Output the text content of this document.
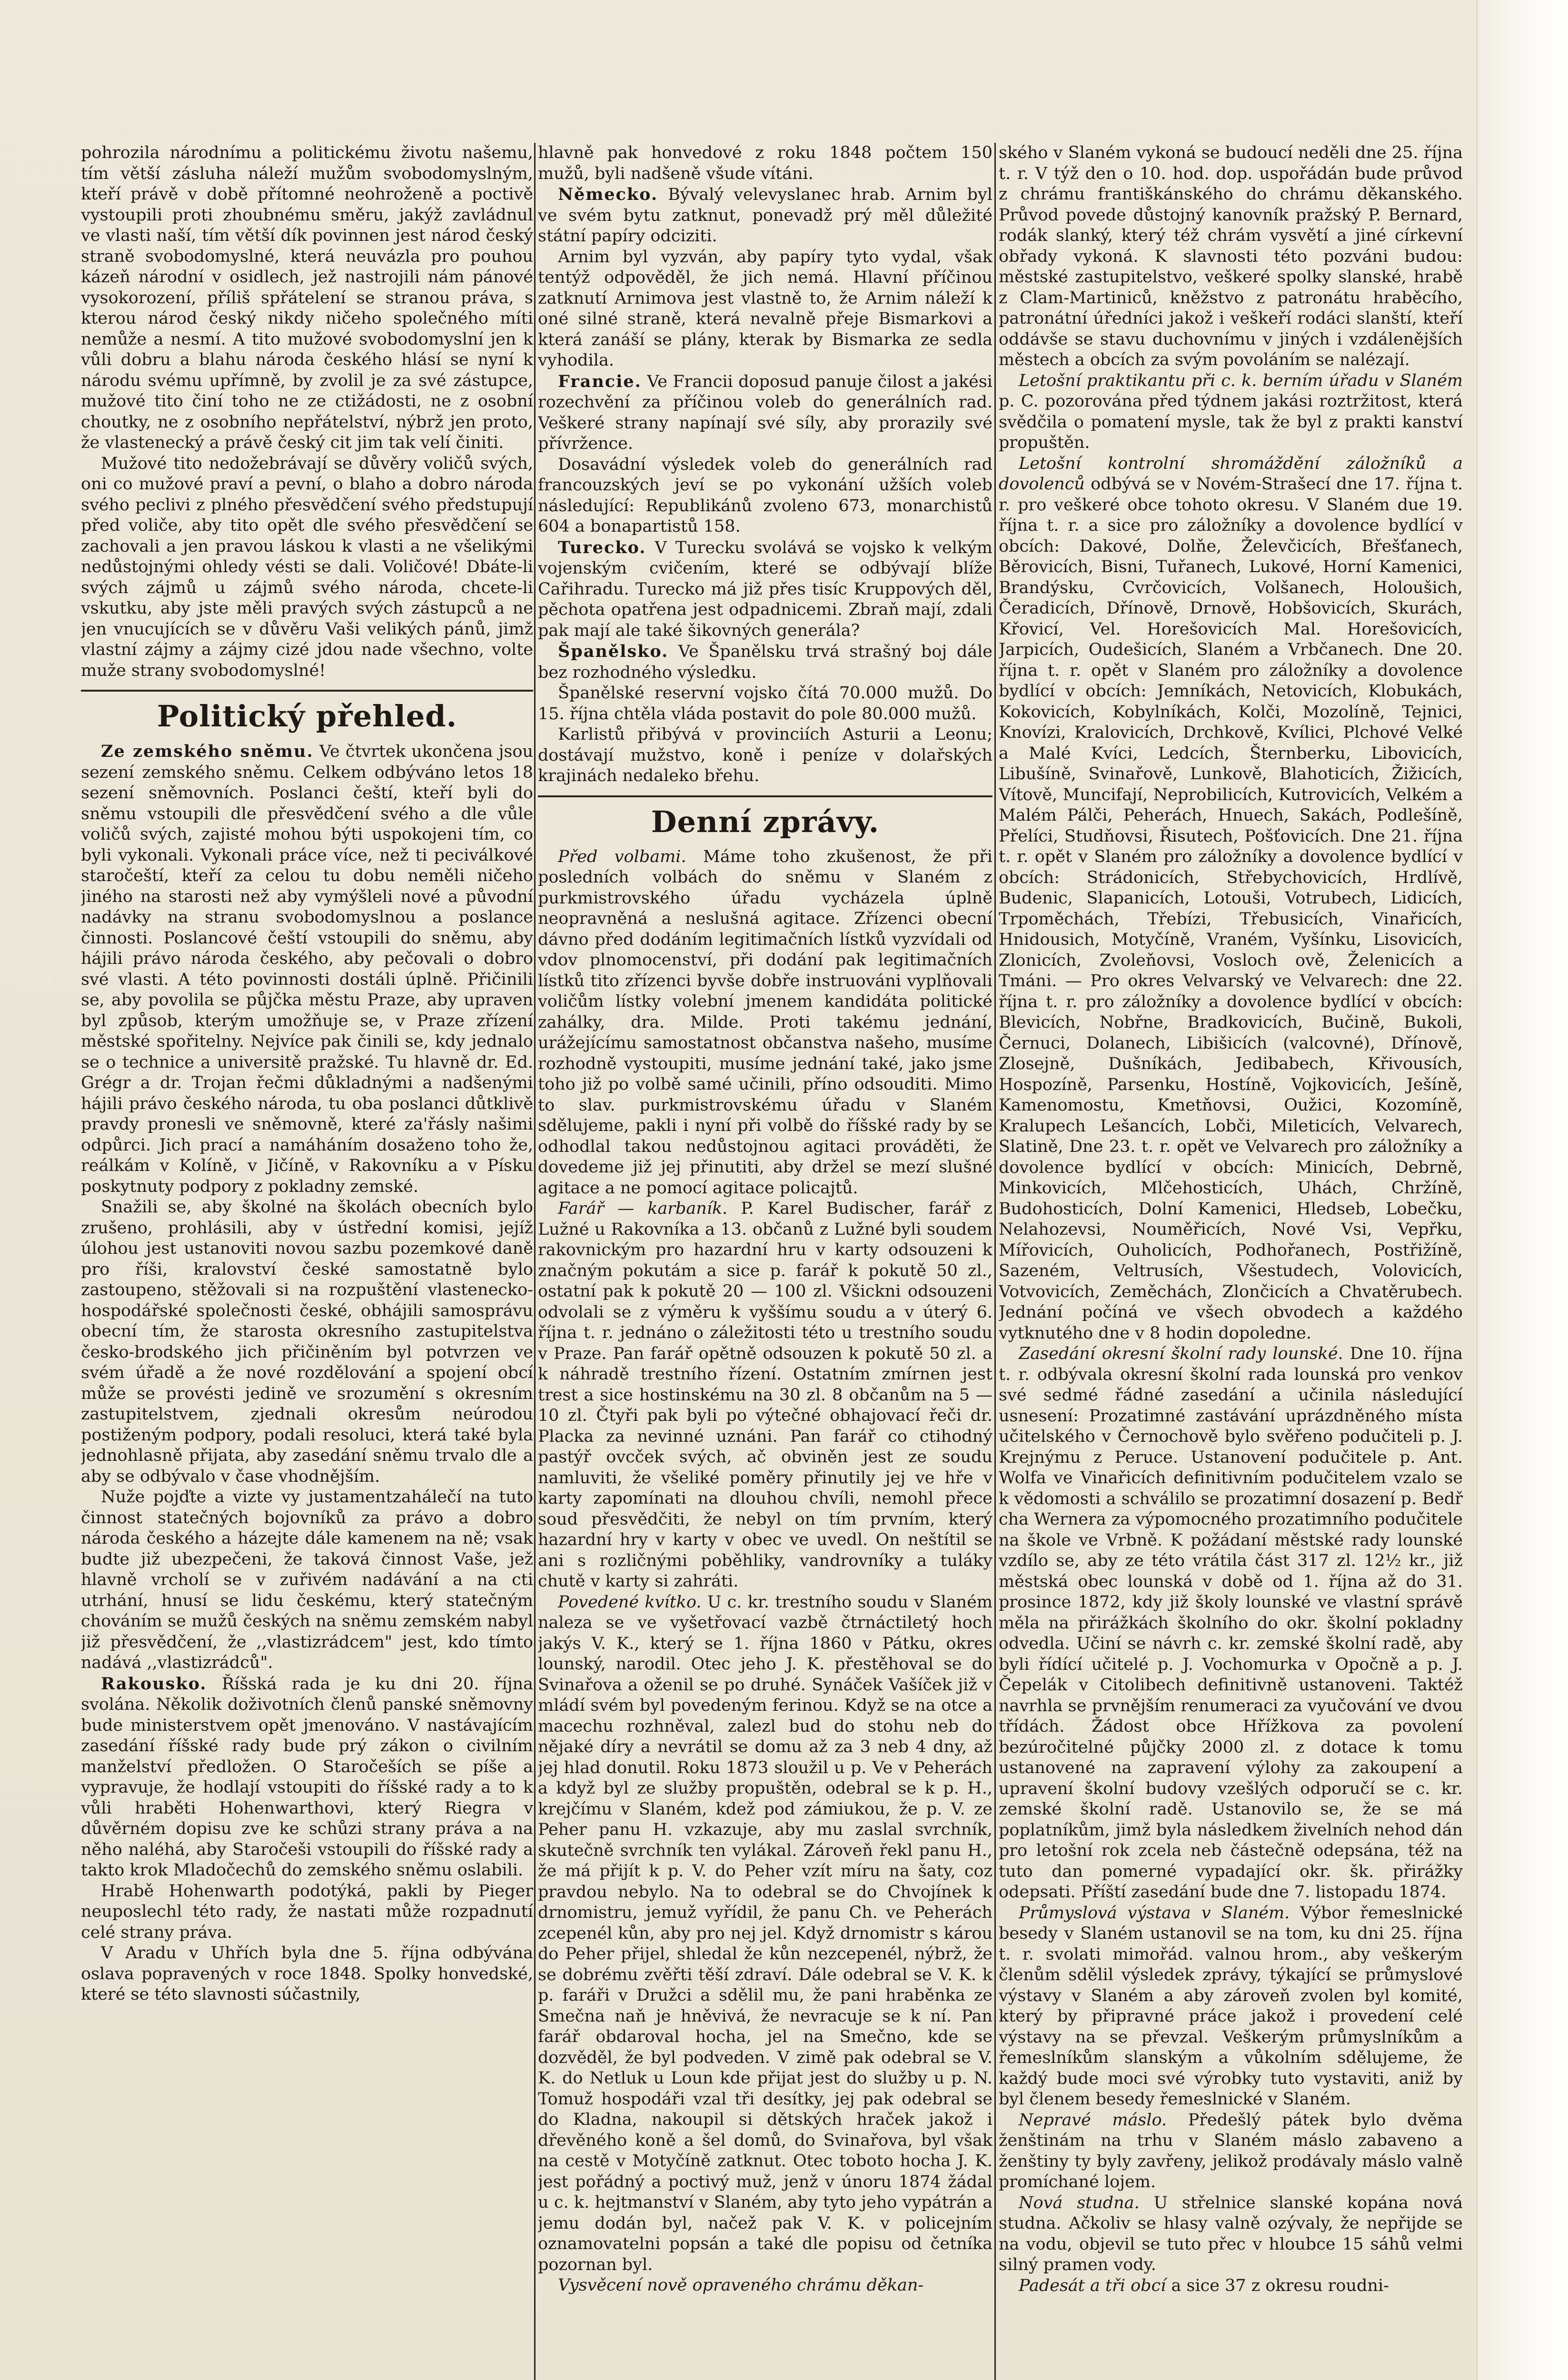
pohrozila národnímu a politickému životu našemu, tím větší zásluha náleží mužům svobodomyslným, kteří právě v době přítomné neohroženě a poctivě vystoupili proti zhoubnému směru, jakýž zavládnul ve vlasti naší, tím větší dík povinnen jest národ český straně svobodomyslné, která neuvázla pro pouhou kázeň národní v osidlech, jež nastrojili nám pánové vysokorození, příliš spřátelení se stranou práva, s kterou národ český nikdy ničeho společného míti nemůže a nesmí. A tito mužové svobodomyslní jen k vůli dobru a blahu národa českého hlásí se nyní k národu svému upřímně, by zvolil je za své zástupce, mužové tito činí toho ne ze ctižádosti, ne z osobní choutky, ne z osobního nepřátelství, nýbrž jen proto, že vlastenecký a právě český cit jim tak velí činiti.

Mužové tito nedožebrávají se důvěry voličů svých, oni co mužové praví a pevní, o blaho a dobro národa svého peclivi z plného přesvědčení svého předstupují před voliče, aby tito opět dle svého přesvědčení se zachovali a jen pravou láskou k vlasti a ne všelikými nedůstojnými ohledy vésti se dali. Voličové! Dbáte-li svých zájmů u zájmů svého národa, chcete-li vskutku, aby jste měli pravých svých zástupců a ne jen vnucujících se v důvěru Vaši velikých pánů, jimž vlastní zájmy a zájmy cizé jdou nade všechno, volte muže strany svobodomyslné!

Politický přehled.

Ze zemského sněmu. Ve čtvrtek ukončena jsou sezení zemského sněmu. Celkem odbýváno letos 18 sezení sněmovních. Poslanci čeští, kteří byli do sněmu vstoupili dle přesvědčení svého a dle vůle voličů svých, zajisté mohou býti uspokojeni tím, co byli vykonali. Vykonali práce více, než ti peciválkové staročeští, kteří za celou tu dobu neměli ničeho jiného na starosti než aby vymýšleli nové a původní nadávky na stranu svobodomyslnou a poslance činnosti. Poslancové čeští vstoupili do sněmu, aby hájili právo národa českého, aby pečovali o dobro své vlasti. A této povinnosti dostáli úplně. Přičinili se, aby povolila se půjčka městu Praze, aby upraven byl způsob, kterým umožňuje se, v Praze zřízení městské spořitelny. Nejvíce pak činili se, kdy jednalo se o technice a universitě pražské. Tu hlavně dr. Ed. Grégr a dr. Trojan řečmi důkladnými a nadšenými hájili právo českého národa, tu oba poslanci důtklivě pravdy pronesli ve sněmovně, které za'řásly našimi odpůrci. Jich prací a namáháním dosaženo toho že, reálkám v Kolíně, v Jičíně, v Rakovníku a v Písku poskytnuty podpory z pokladny zemské.

Snažili se, aby školné na školách obecních bylo zrušeno, prohlásili, aby v ústřední komisi, jejíž úlohou jest ustanoviti novou sazbu pozemkové daně pro říši, kralovství české samostatně bylo zastoupeno, stěžovali si na rozpuštění vlastenecko-hospodářské společnosti české, obhájili samosprávu obecní tím, že starosta okresního zastupitelstva česko-brodského jich přičiněním byl potvrzen ve svém úřadě a že nové rozdělování a spojení obcí může se provésti jedině ve srozumění s okresním zastupitelstvem, zjednali okresům neúrodou postiženým podpory, podali resoluci, která také byla jednohlasně přijata, aby zasedání sněmu trvalo dle a aby se odbývalo v čase vhodnějším.

Nuže pojďte a vizte vy justamentzahálečí na tuto činnost statečných bojovníků za právo a dobro národa českého a házejte dále kamenem na ně; vsak budte již ubezpečeni, že taková činnost Vaše, jež hlavně vrcholí se v zuřivém nadávání a na cti utrhání, hnusí se lidu českému, který statečným chováním se mužů českých na sněmu zemském nabyl již přesvědčení, že ,,vlastizrádcem" jest, kdo tímto nadává ,,vlastizrádců".

Rakousko. Říšská rada je ku dni 20. října svolána. Několik doživotních členů panské sněmovny bude ministerstvem opět jmenováno. V nastávajícím zasedání říšské rady bude prý zákon o civilním manželství předložen. O Staročeších se píše a vypravuje, že hodlají vstoupiti do říšské rady a to k vůli hraběti Hohenwarthovi, který Riegra v důvěrném dopisu zve ke schůzi strany práva a na něho naléhá, aby Staročeši vstoupili do říšské rady a takto krok Mladočechů do zemského sněmu oslabili.

Hrabě Hohenwarth podotýká, pakli by Pieger neuposlechl této rady, že nastati může rozpadnutí celé strany práva.

V Aradu v Uhřích byla dne 5. října odbývána oslava popravených v roce 1848. Spolky honvedské, které se této slavnosti súčastnily,

hlavně pak honvedové z roku 1848 počtem 150 mužů, byli nadšeně všude vítáni.

Německo. Bývalý velevyslanec hrab. Arnim byl ve svém bytu zatknut, ponevadž prý měl důležité státní papíry odciziti.

Arnim byl vyzván, aby papíry tyto vydal, však tentýž odpověděl, že jich nemá. Hlavní příčinou zatknutí Arnimova jest vlastně to, že Arnim náleží k oné silné straně, která nevalně přeje Bismarkovi a která zanáší se plány, kterak by Bismarka ze sedla vyhodila.

Francie. Ve Francii doposud panuje čilost a jakési rozechvění za příčinou voleb do generálních rad. Veškeré strany napínají své síly, aby prorazily své přívržence.

Dosavádní výsledek voleb do generálních rad francouzských jeví se po vykonání užších voleb následující: Republikánů zvoleno 673, monarchistů 604 a bonapartistů 158.

Turecko. V Turecku svolává se vojsko k velkým vojenským cvičením, které se odbývají blíže Cařihradu. Turecko má již přes tisíc Kruppových děl, pěchota opatřena jest odpadnicemi. Zbraň mají, zdali pak mají ale také šikovných generála?

Španělsko. Ve Španělsku trvá strašný boj dále bez rozhodného výsledku.

Španělské reservní vojsko čítá 70.000 mužů. Do 15. října chtěla vláda postavit do pole 80.000 mužů.

Karlistů přibývá v provinciích Asturii a Leonu; dostávají mužstvo, koně i peníze v dolařských krajinách nedaleko břehu.

Denní zprávy.

Před volbami. Máme toho zkušenost, že při posledních volbách do sněmu v Slaném z purkmistrovského úřadu vycházela úplně neopravněná a neslušná agitace. Zřízenci obecní dávno před dodáním legitimačních lístků vyzvídali od vdov plnomocenství, při dodání pak legitimačních lístků tito zřízenci byvše dobře instruováni vyplňovali voličům lístky volební jmenem kandidáta politické zahálky, dra. Milde. Proti takému jednání, urážejícímu samostatnost občanstva našeho, musíme rozhodně vystoupiti, musíme jednání také, jako jsme toho již po volbě samé učinili, příno odsouditi. Mimo to slav. purkmistrovskému úřadu v Slaném sdělujeme, pakli i nyní při volbě do říšské rady by se odhodlal takou nedůstojnou agitaci prováděti, že dovedeme již jej přinutiti, aby držel se mezí slušné agitace a ne pomocí agitace policajtů.

Farář — karbaník. P. Karel Budischer, farář z Lužné u Rakovníka a 13. občanů z Lužné byli soudem rakovnickým pro hazardní hru v karty odsouzeni k značným pokutám a sice p. farář k pokutě 50 zl., ostatní pak k pokutě 20 — 100 zl. Všickni odsouzeni odvolali se z výměru k vyššímu soudu a v úterý 6. října t. r. jednáno o záležitosti této u trestního soudu v Praze. Pan farář opětně odsouzen k pokutě 50 zl. a k náhradě trestního řízení. Ostatním zmírnen jest trest a sice hostinskému na 30 zl. 8 občanům na 5 — 10 zl. Čtyři pak byli po výtečné obhajovací řeči dr. Placka za nevinné uznáni. Pan farář co ctihodný pastýř ovcček svých, ač obviněn jest ze soudu namluviti, že všeliké poměry přinutily jej ve hře v karty zapomínati na dlouhou chvíli, nemohl přece soud přesvědčiti, že nebyl on tím prvním, který hazardní hry v karty v obec ve uvedl. On neštítil se ani s rozličnými poběhliky, vandrovníky a tuláky chutě v karty si zahráti.

Povedené kvítko. U c. kr. trestního soudu v Slaném naleza se ve vyšetřovací vazbě čtrnáctiletý hoch jakýs V. K., který se 1. října 1860 v Pátku, okres lounský, narodil. Otec jeho J. K. přestěhoval se do Svinařova a oženil se po druhé. Synáček Vašíček již v mládí svém byl povedeným ferinou. Když se na otce a macechu rozhněval, zalezl bud do stohu neb do nějaké díry a nevrátil se domu až za 3 neb 4 dny, až jej hlad donutil. Roku 1873 sloužil u p. Ve v Peherách a když byl ze služby propuštěn, odebral se k p. H., krejčímu v Slaném, kdež pod zámiukou, že p. V. ze Peher panu H. vzkazuje, aby mu zaslal svrchník, skutečně svrchník ten vylákal. Zároveň řekl panu H., že má přijít k p. V. do Peher vzít míru na šaty, coz pravdou nebylo. Na to odebral se do Chvojínek k drnomistru, jemuž vyřídil, že panu Ch. ve Peherách zcepenél kůn, aby pro nej jel. Když drnomistr s károu do Peher přijel, shledal že kůn nezcepenél, nýbrž, že se dobrému zvěřti těší zdraví. Dále odebral se V. K. k p. faráři v Družci a sdělil mu, že pani hraběnka ze Smečna naň je hněvivá, že nevracuje se k ní. Pan farář obdaroval hocha, jel na Smečno, kde se dozvěděl, že byl podveden. V zimě pak odebral se V. K. do Netluk u Loun kde přijat jest do služby u p. N. Tomuž hospodáři vzal tři desítky, jej pak odebral se do Kladna, nakoupil si dětských hraček jakož i dřevěného koně a šel domů, do Svinařova, byl však na cestě v Motyčíně zatknut. Otec toboto hocha J. K. jest pořádný a poctivý muž, jenž v únoru 1874 žádal u c. k. hejtmanství v Slaném, aby tyto jeho vypátrán a jemu dodán byl, načež pak V. K. v policejním oznamovatelni popsán a také dle popisu od četníka pozornan byl.

Vysvěcení nově opraveného chrámu děkan-

ského v Slaném vykoná se budoucí neděli dne 25. října t. r. V týž den o 10. hod. dop. uspořádán bude průvod z chrámu františkánského do chrámu děkanského. Průvod povede důstojný kanovník pražský P. Bernard, rodák slanký, který též chrám vysvětí a jiné církevní obřady vykoná. K slavnosti této pozváni budou: městské zastupitelstvo, veškeré spolky slanské, hrabě z Clam-Martiniců, kněžstvo z patronátu hraběcího, patronátní úředníci jakož i veškeří rodáci slanští, kteří oddávše se stavu duchovnímu v jiných i vzdálenějších městech a obcích za svým povoláním se nalézají.

Letošní praktikantu při c. k. berním úřadu v Slaném p. C. pozorována před týdnem jakási roztržitost, která svědčila o pomatení mysle, tak že byl z prakti kanství propuštěn.

Letošní kontrolní shromáždění záložníků a dovolenců odbývá se v Novém-Strašecí dne 17. října t. r. pro veškeré obce tohoto okresu. V Slaném due 19. října t. r. a sice pro záložníky a dovolence bydlící v obcích: Dakové, Dolňe, Želevčicích, Břešťanech, Běrovicích, Bisni, Tuřanech, Lukové, Horní Kamenici, Brandýsku, Cvrčovicích, Volšanech, Holoušich, Čeradicích, Dřínově, Drnově, Hobšovicích, Skurách, Křovicí, Vel. Horešovicích Mal. Horešovicích, Jarpicích, Oudešicích, Slaném a Vrbčanech. Dne 20. října t. r. opět v Slaném pro záložníky a dovolence bydlící v obcích: Jemníkách, Netovicích, Klobukách, Kokovicích, Kobylníkách, Kolči, Mozolíně, Tejnici, Knovízi, Kralovicích, Drchkově, Kvílici, Plchové Velké a Malé Kvíci, Ledcích, Šternberku, Libovicích, Libušíně, Svinařově, Lunkově, Blahoticích, Žižicích, Vítově, Muncifají, Neprobilicích, Kutrovicích, Velkém a Malém Pálči, Peherách, Hnuech, Sakách, Podlešíně, Přelíci, Studňovsi, Řisutech, Pošťovicích. Dne 21. října t. r. opět v Slaném pro záložníky a dovolence bydlící v obcích: Strádonicích, Střebychovicích, Hrdlívě, Budenic, Slapanicích, Lotouši, Votrubech, Lidicích, Trpoměchách, Třebízi, Třebusicích, Vinařicích, Hnidousich, Motyčíně, Vraném, Vyšínku, Lisovicích, Zlonicích, Zvoleňovsi, Vosloch ově, Želenicích a Tmáni. — Pro okres Velvarský ve Velvarech: dne 22. října t. r. pro záložníky a dovolence bydlící v obcích: Blevicích, Nobřne, Bradkovicích, Bučině, Bukoli, Černuci, Dolanech, Libišicích (valcovné), Dřínově, Zlosejně, Dušníkách, Jedibabech, Křivousích, Hospozíně, Parsenku, Hostíně, Vojkovicích, Ješíně, Kamenomostu, Kmetňovsi, Oužici, Kozomíně, Kralupech Lešancích, Lobči, Mileticích, Velvarech, Slatině, Dne 23. t. r. opět ve Velvarech pro záložníky a dovolence bydlící v obcích: Minicích, Debrně, Minkovicích, Mlčehosticích, Uhách, Chržíně, Budohosticích, Dolní Kamenici, Hledseb, Lobečku, Nelahozevsi, Nouměřicích, Nové Vsi, Vepřku, Mířovicích, Ouholicích, Podhořanech, Postřižíně, Sazeném, Veltrusích, Všestudech, Volovicích, Votvovicích, Zeměchách, Zlončicích a Chvatěrubech. Jednání počíná ve všech obvodech a každého vytknutého dne v 8 hodin dopoledne.

Zasedání okresní školní rady lounské. Dne 10. října t. r. odbývala okresní školní rada lounská pro venkov své sedmé řádné zasedání a učinila následující usnesení: Prozatimné zastávání uprázdněného místa učitelského v Černochově bylo svěřeno podučiteli p. J. Krejnýmu z Peruce. Ustanovení podučitele p. Ant. Wolfa ve Vinařicích definitivním podučitelem vzalo se k vědomosti a schválilo se prozatimní dosazení p. Bedř cha Wernera za výpomocného prozatimního podučitele na škole ve Vrbně. K požádaní městské rady lounské vzdílo se, aby ze této vrátila část 317 zl. 12½ kr., již městská obec lounská v době od 1. října až do 31. prosince 1872, kdy již školy lounské ve vlastní správě měla na přirážkách školního do okr. školní pokladny odvedla. Učiní se návrh c. kr. zemské školní radě, aby byli řídící učitelé p. J. Vochomurka v Opočně a p. J. Čepelák v Citolibech definitivně ustanoveni. Taktéž navrhla se prvnějším renumeraci za vyučování ve dvou třídách. Žádost obce Hřížkova za povolení bezúročitelné půjčky 2000 zl. z dotace k tomu ustanovené na zapravení výlohy za zakoupení a upravení školní budovy vzešlých odporučí se c. kr. zemské školní radě. Ustanovilo se, že se má poplatníkům, jimž byla následkem živelních nehod dán pro letošní rok zcela neb částečně odepsána, též na tuto dan pomerné vypadající okr. šk. přirážky odepsati. Příští zasedání bude dne 7. listopadu 1874.

Průmyslová výstava v Slaném. Výbor řemeslnické besedy v Slaném ustanovil se na tom, ku dni 25. října t. r. svolati mimořád. valnou hrom., aby veškerým členům sdělil výsledek zprávy, týkající se průmyslové výstavy v Slaném a aby zároveň zvolen byl komité, který by připravné práce jakož i provedení celé výstavy na se převzal. Veškerým průmyslníkům a řemeslníkům slanským a vůkolním sdělujeme, že každý bude moci své výrobky tuto vystaviti, aniž by byl členem besedy řemeslnické v Slaném.

Nepravé máslo. Předešlý pátek bylo dvěma ženštinám na trhu v Slaném máslo zabaveno a ženštiny ty byly zavřeny, jelikož prodávaly máslo valně promíchané lojem.

Nová studna. U střelnice slanské kopána nová studna. Ačkoliv se hlasy valně ozývaly, že nepřijde se na vodu, objevil se tuto přec v hloubce 15 sáhů velmi silný pramen vody.

Padesát a tři obcí a sice 37 z okresu roudni-
